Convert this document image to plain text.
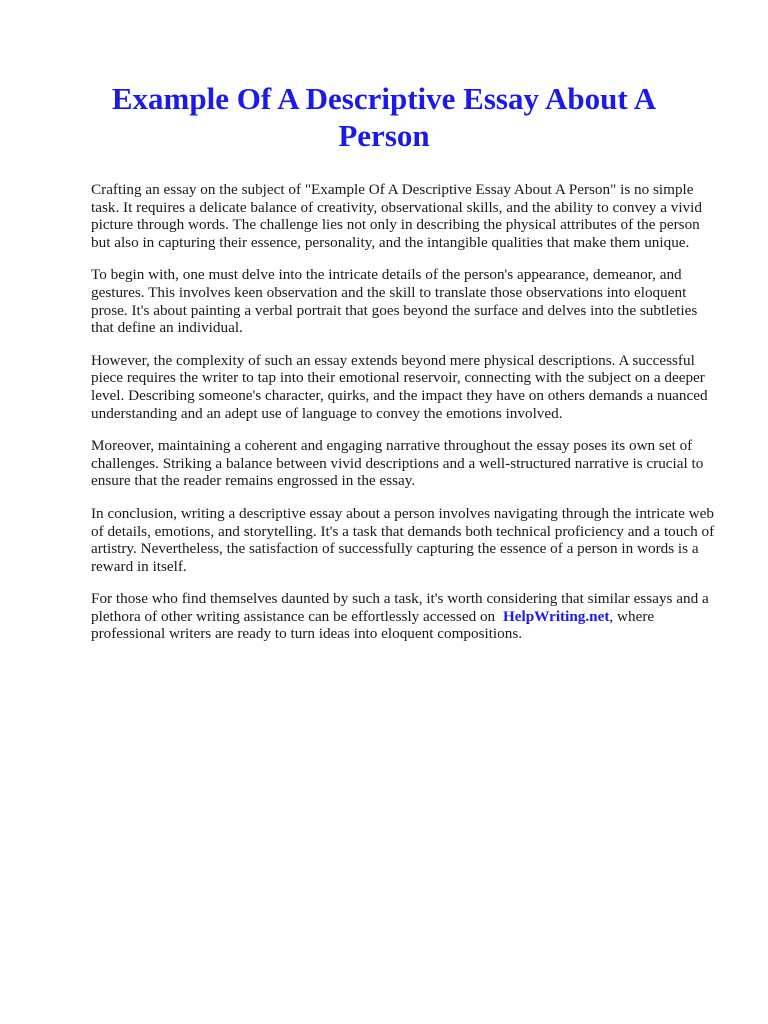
Example Of A Descriptive Essay About A Person

Crafting an essay on the subject of "Example Of A Descriptive Essay About A Person" is no simple task. It requires a delicate balance of creativity, observational skills, and the ability to convey a vivid picture through words. The challenge lies not only in describing the physical attributes of the person but also in capturing their essence, personality, and the intangible qualities that make them unique.

To begin with, one must delve into the intricate details of the person's appearance, demeanor, and gestures. This involves keen observation and the skill to translate those observations into eloquent prose. It's about painting a verbal portrait that goes beyond the surface and delves into the subtleties that define an individual.

However, the complexity of such an essay extends beyond mere physical descriptions. A successful piece requires the writer to tap into their emotional reservoir, connecting with the subject on a deeper level. Describing someone's character, quirks, and the impact they have on others demands a nuanced understanding and an adept use of language to convey the emotions involved.

Moreover, maintaining a coherent and engaging narrative throughout the essay poses its own set of challenges. Striking a balance between vivid descriptions and a well-structured narrative is crucial to ensure that the reader remains engrossed in the essay.

In conclusion, writing a descriptive essay about a person involves navigating through the intricate web of details, emotions, and storytelling. It's a task that demands both technical proficiency and a touch of artistry. Nevertheless, the satisfaction of successfully capturing the essence of a person in words is a reward in itself.

For those who find themselves daunted by such a task, it's worth considering that similar essays and a plethora of other writing assistance can be effortlessly accessed on HelpWriting.net, where professional writers are ready to turn ideas into eloquent compositions.
